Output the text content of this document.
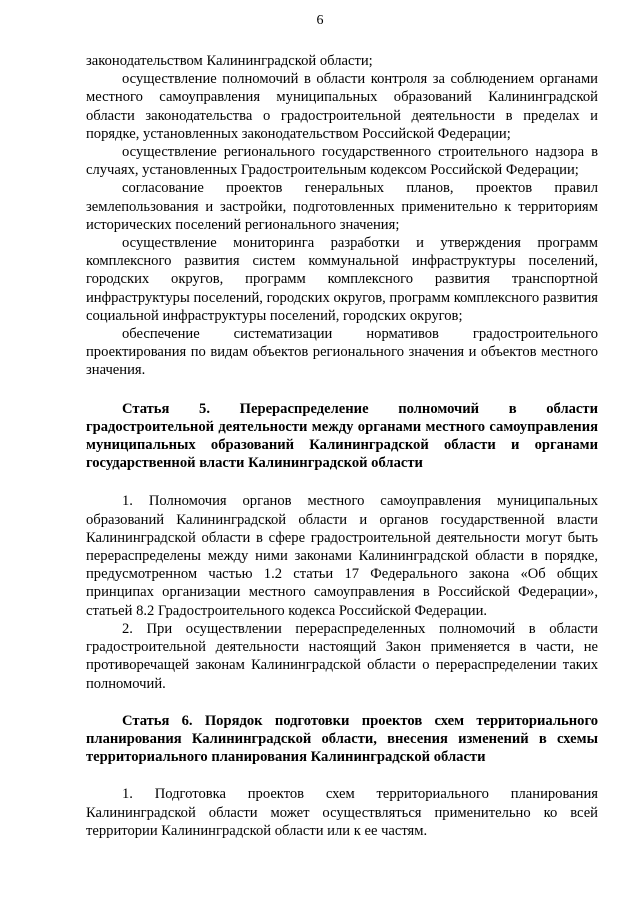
6

законодательством Калининградской области;

осуществление полномочий в области контроля за соблюдением органами местного самоуправления муниципальных образований Калининградской области законодательства о градостроительной деятельности в пределах и порядке, установленных законодательством Российской Федерации;

осуществление регионального государственного строительного надзора в случаях, установленных Градостроительным кодексом Российской Федерации;

согласование проектов генеральных планов, проектов правил землепользования и застройки, подготовленных применительно к территориям исторических поселений регионального значения;

осуществление мониторинга разработки и утверждения программ комплексного развития систем коммунальной инфраструктуры поселений, городских округов, программ комплексного развития транспортной инфраструктуры поселений, городских округов, программ комплексного развития социальной инфраструктуры поселений, городских округов;

обеспечение систематизации нормативов градостроительного проектирования по видам объектов регионального значения и объектов местного значения.

Статья 5. Перераспределение полномочий в области градостроительной деятельности между органами местного самоуправления муниципальных образований Калининградской области и органами государственной власти Калининградской области

1. Полномочия органов местного самоуправления муниципальных образований Калининградской области и органов государственной власти Калининградской области в сфере градостроительной деятельности могут быть перераспределены между ними законами Калининградской области в порядке, предусмотренном частью 1.2 статьи 17 Федерального закона «Об общих принципах организации местного самоуправления в Российской Федерации», статьей 8.2 Градостроительного кодекса Российской Федерации.

2. При осуществлении перераспределенных полномочий в области градостроительной деятельности настоящий Закон применяется в части, не противоречащей законам Калининградской области о перераспределении таких полномочий.

Статья 6. Порядок подготовки проектов схем территориального планирования Калининградской области, внесения изменений в схемы территориального планирования Калининградской области

1. Подготовка проектов схем территориального планирования Калининградской области может осуществляться применительно ко всей территории Калининградской области или к ее частям.
